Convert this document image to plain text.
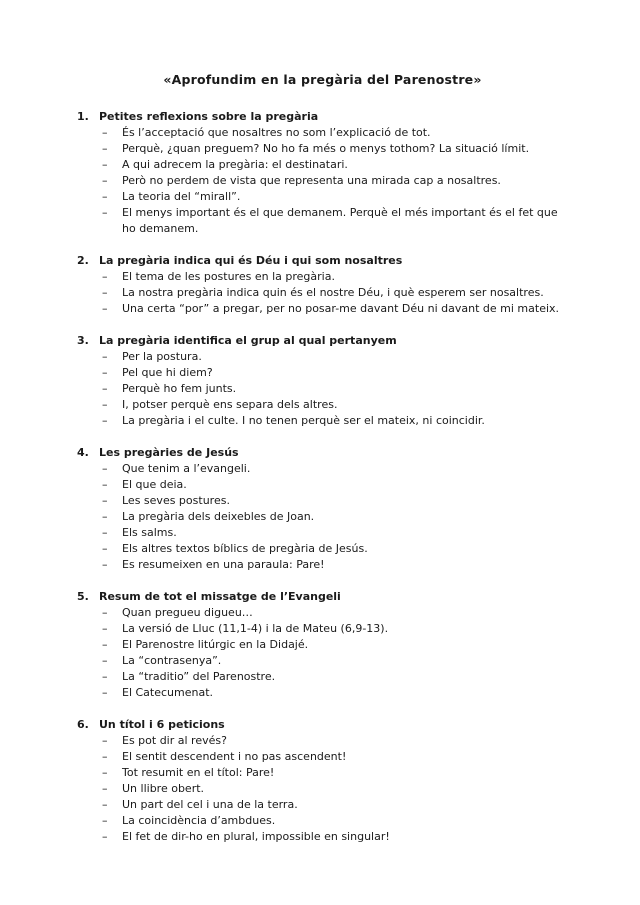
«Aprofundim en la pregària del Parenostre»
1. Petites reflexions sobre la pregària
–	És l’acceptació que nosaltres no som l’explicació de tot.
–	Perquè, ¿quan preguem? No ho fa més o menys tothom? La situació límit.
–	A qui adrecem la pregària: el destinatari.
–	Però no perdem de vista que representa una mirada cap a nosaltres.
–	La teoria del “mirall”.
–	El menys important és el que demanem. Perquè el més important és el fet que ho demanem.
2. La pregària indica qui és Déu i qui som nosaltres
–	El tema de les postures en la pregària.
–	La nostra pregària indica quin és el nostre Déu, i què esperem ser nosaltres.
–	Una certa “por” a pregar, per no posar-me davant Déu ni davant de mi mateix.
3. La pregària identifica el grup al qual pertanyem
–	Per la postura.
–	Pel que hi diem?
–	Perquè ho fem junts.
–	I, potser perquè ens separa dels altres.
–	La pregària i el culte. I no tenen perquè ser el mateix, ni coincidir.
4. Les pregàries de Jesús
–	Que tenim a l’evangeli.
–	El que deia.
–	Les seves postures.
–	La pregària dels deixebles de Joan.
–	Els salms.
–	Els altres textos bíblics de pregària de Jesús.
–	Es resumeixen en una paraula: Pare!
5. Resum de tot el missatge de l’Evangeli
–	Quan pregueu digueu…
–	La versió de Lluc (11,1-4) i la de Mateu (6,9-13).
–	El Parenostre litúrgic en la Didajé.
–	La “contrasenya”.
–	La “traditio” del Parenostre.
–	El Catecumenat.
6. Un títol i 6 peticions
–	Es pot dir al revés?
–	El sentit descendent i no pas ascendent!
–	Tot resumit en el títol: Pare!
–	Un llibre obert.
–	Un part del cel i una de la terra.
–	La coincidència d’ambdues.
–	El fet de dir-ho en plural, impossible en singular!
